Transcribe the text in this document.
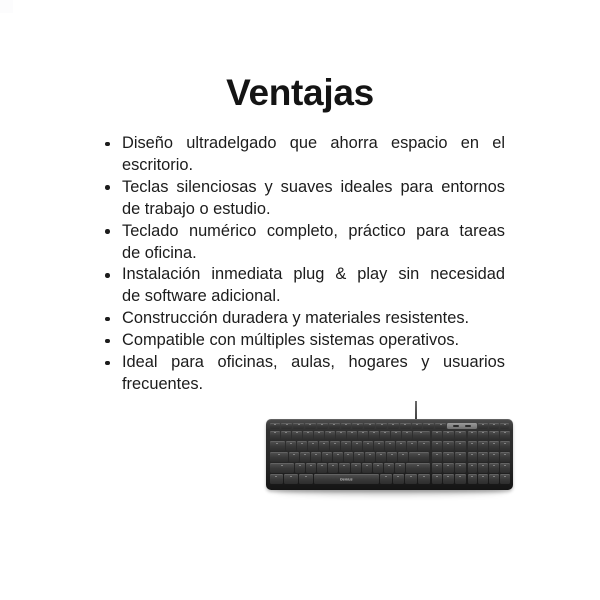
Ventajas
Diseño ultradelgado que ahorra espacio en el
escritorio.
Teclas silenciosas y suaves ideales para entornos
de trabajo o estudio.
Teclado numérico completo, práctico para tareas
de oficina.
Instalación inmediata plug & play sin necesidad
de software adicional.
Construcción duradera y materiales resistentes.
Compatible con múltiples sistemas operativos.
Ideal para oficinas, aulas, hogares y usuarios
frecuentes.
Genius
